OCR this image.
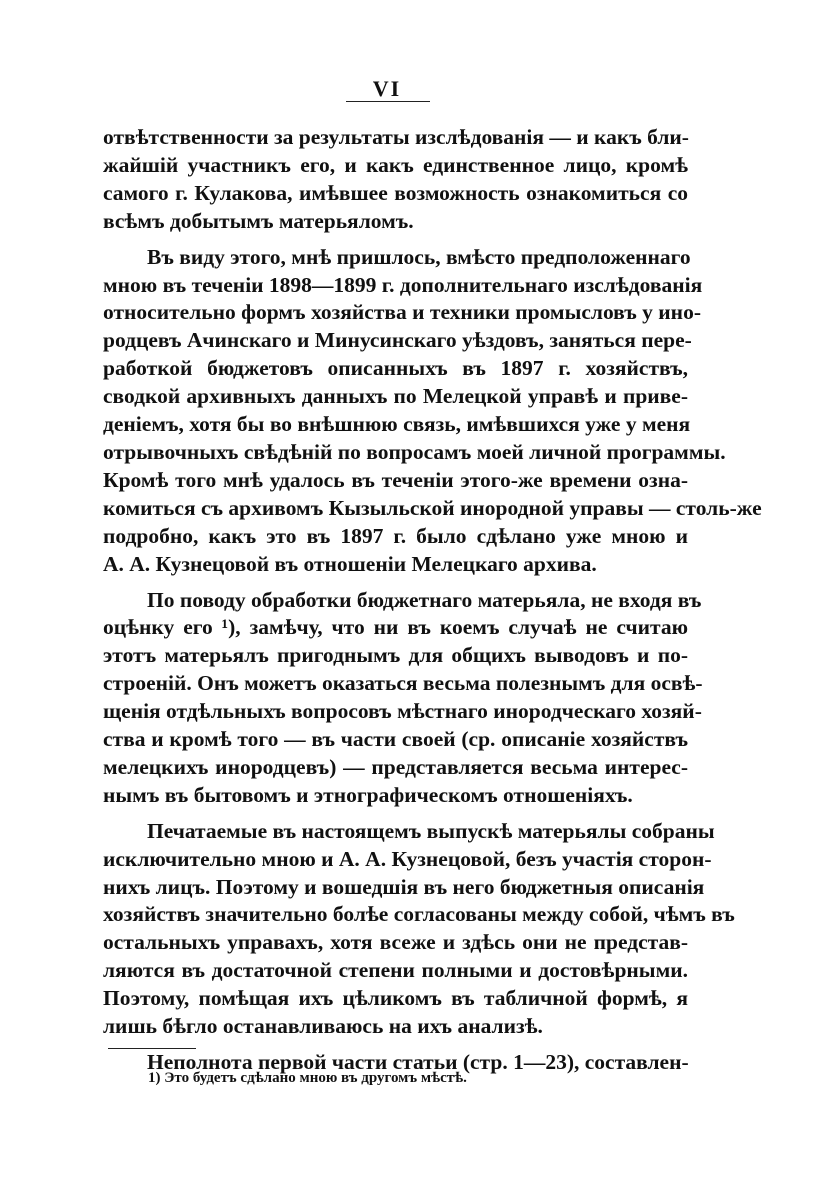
VI
отвѣтственности за результаты изслѣдованія — и какъ бли-
жайшій участникъ его, и какъ единственное лицо, кромѣ
самого г. Кулакова, имѣвшее возможность ознакомиться со
всѣмъ добытымъ матерьяломъ.
Въ виду этого, мнѣ пришлось, вмѣсто предположеннаго
мною въ теченіи 1898—1899 г. дополнительнаго изслѣдованія
относительно формъ хозяйства и техники промысловъ у ино-
родцевъ Ачинскаго и Минусинскаго уѣздовъ, заняться пере-
работкой бюджетовъ описанныхъ въ 1897 г. хозяйствъ,
сводкой архивныхъ данныхъ по Мелецкой управѣ и приве-
деніемъ, хотя бы во внѣшнюю связь, имѣвшихся уже у меня
отрывочныхъ свѣдѣній по вопросамъ моей личной программы.
Кромѣ того мнѣ удалось въ теченіи этого-же времени озна-
комиться съ архивомъ Кызыльской инородной управы — столь-же
подробно, какъ это въ 1897 г. было сдѣлано уже мною и
А. А. Кузнецовой въ отношеніи Мелецкаго архива.
По поводу обработки бюджетнаго матерьяла, не входя въ
оцѣнку его ¹), замѣчу, что ни въ коемъ случаѣ не считаю
этотъ матерьялъ пригоднымъ для общихъ выводовъ и по-
строеній. Онъ можетъ оказаться весьма полезнымъ для освѣ-
щенія отдѣльныхъ вопросовъ мѣстнаго инородческаго хозяй-
ства и кромѣ того — въ части своей (ср. описаніе хозяйствъ
мелецкихъ инородцевъ) — представляется весьма интерес-
нымъ въ бытовомъ и этнографическомъ отношеніяхъ.
Печатаемые въ настоящемъ выпускѣ матерьялы собраны
исключительно мною и А. А. Кузнецовой, безъ участія сторон-
нихъ лицъ. Поэтому и вошедшія въ него бюджетныя описанія
хозяйствъ значительно болѣе согласованы между собой, чѣмъ въ
остальныхъ управахъ, хотя всеже и здѣсь они не представ-
ляются въ достаточной степени полными и достовѣрными.
Поэтому, помѣщая ихъ цѣликомъ въ табличной формѣ, я
лишь бѣгло останавливаюсь на ихъ анализѣ.
Неполнота первой части статьи (стр. 1—23), составлен-
1) Это будетъ сдѣлано мною въ другомъ мѣстѣ.
